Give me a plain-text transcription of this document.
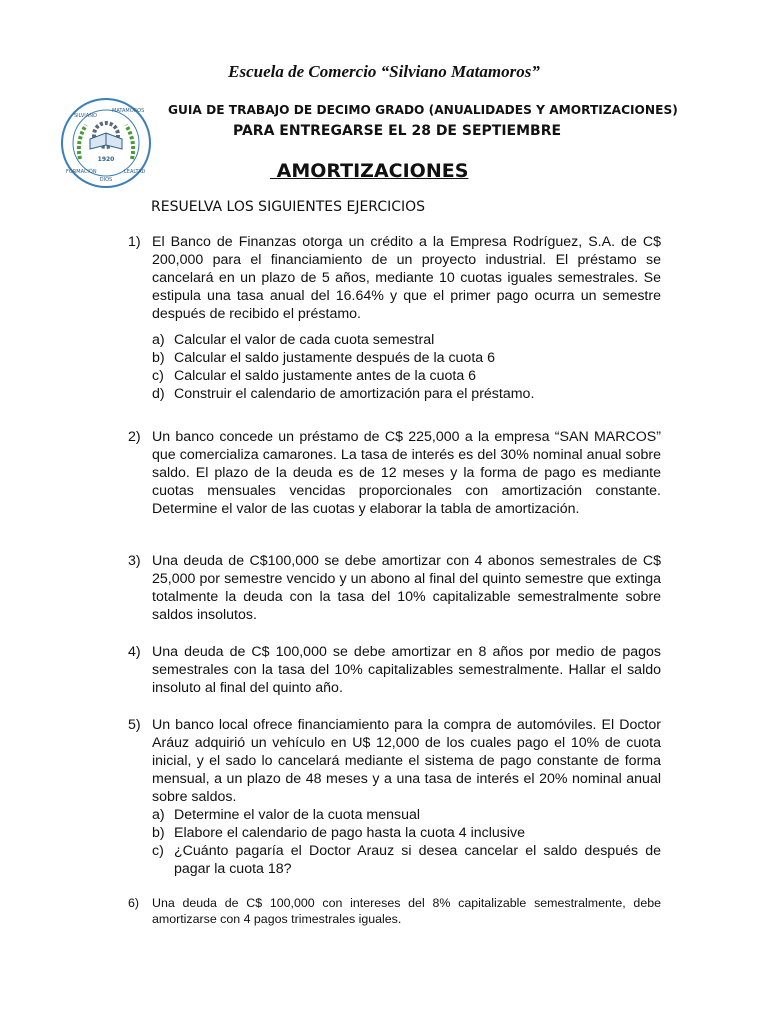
Escuela de Comercio “Silviano Matamoros”
1920
SILVIANO
MATAMOROS
FORMACIÓN	LEALTAD
DIOS
GUIA DE TRABAJO DE DECIMO GRADO (ANUALIDADES Y AMORTIZACIONES)
PARA ENTREGARSE EL 28 DE SEPTIEMBRE
AMORTIZACIONES
RESUELVA LOS SIGUIENTES EJERCICIOS
1) El Banco de Finanzas otorga un crédito a la Empresa Rodríguez, S.A. de C$ 200,000 para el financiamiento de un proyecto industrial. El préstamo se cancelará en un plazo de 5 años, mediante 10 cuotas iguales semestrales. Se estipula una tasa anual del 16.64% y que el primer pago ocurra un semestre después de recibido el préstamo.
a) Calcular el valor de cada cuota semestral
b) Calcular el saldo justamente después de la cuota 6
c) Calcular el saldo justamente antes de la cuota 6
d) Construir el calendario de amortización para el préstamo.
2) Un banco concede un préstamo de C$ 225,000 a la empresa “SAN MARCOS” que comercializa camarones. La tasa de interés es del 30% nominal anual sobre saldo. El plazo de la deuda es de 12 meses y la forma de pago es mediante cuotas mensuales vencidas proporcionales con amortización constante. Determine el valor de las cuotas y elaborar la tabla de amortización.
3) Una deuda de C$100,000 se debe amortizar con 4 abonos semestrales de C$ 25,000 por semestre vencido y un abono al final del quinto semestre que extinga totalmente la deuda con la tasa del 10% capitalizable semestralmente sobre saldos insolutos.
4) Una deuda de C$ 100,000 se debe amortizar en 8 años por medio de pagos semestrales con la tasa del 10% capitalizables semestralmente. Hallar el saldo insoluto al final del quinto año.
5) Un banco local ofrece financiamiento para la compra de automóviles. El Doctor Aráuz adquirió un vehículo en U$ 12,000 de los cuales pago el 10% de cuota inicial, y el sado lo cancelará mediante el sistema de pago constante de forma mensual, a un plazo de 48 meses y a una tasa de interés el 20% nominal anual sobre saldos.
a) Determine el valor de la cuota mensual
b) Elabore el calendario de pago hasta la cuota 4 inclusive
c) ¿Cuánto pagaría el Doctor Arauz si desea cancelar el saldo después de pagar la cuota 18?
6) Una deuda de C$ 100,000 con intereses del 8% capitalizable semestralmente, debe amortizarse con 4 pagos trimestrales iguales.
